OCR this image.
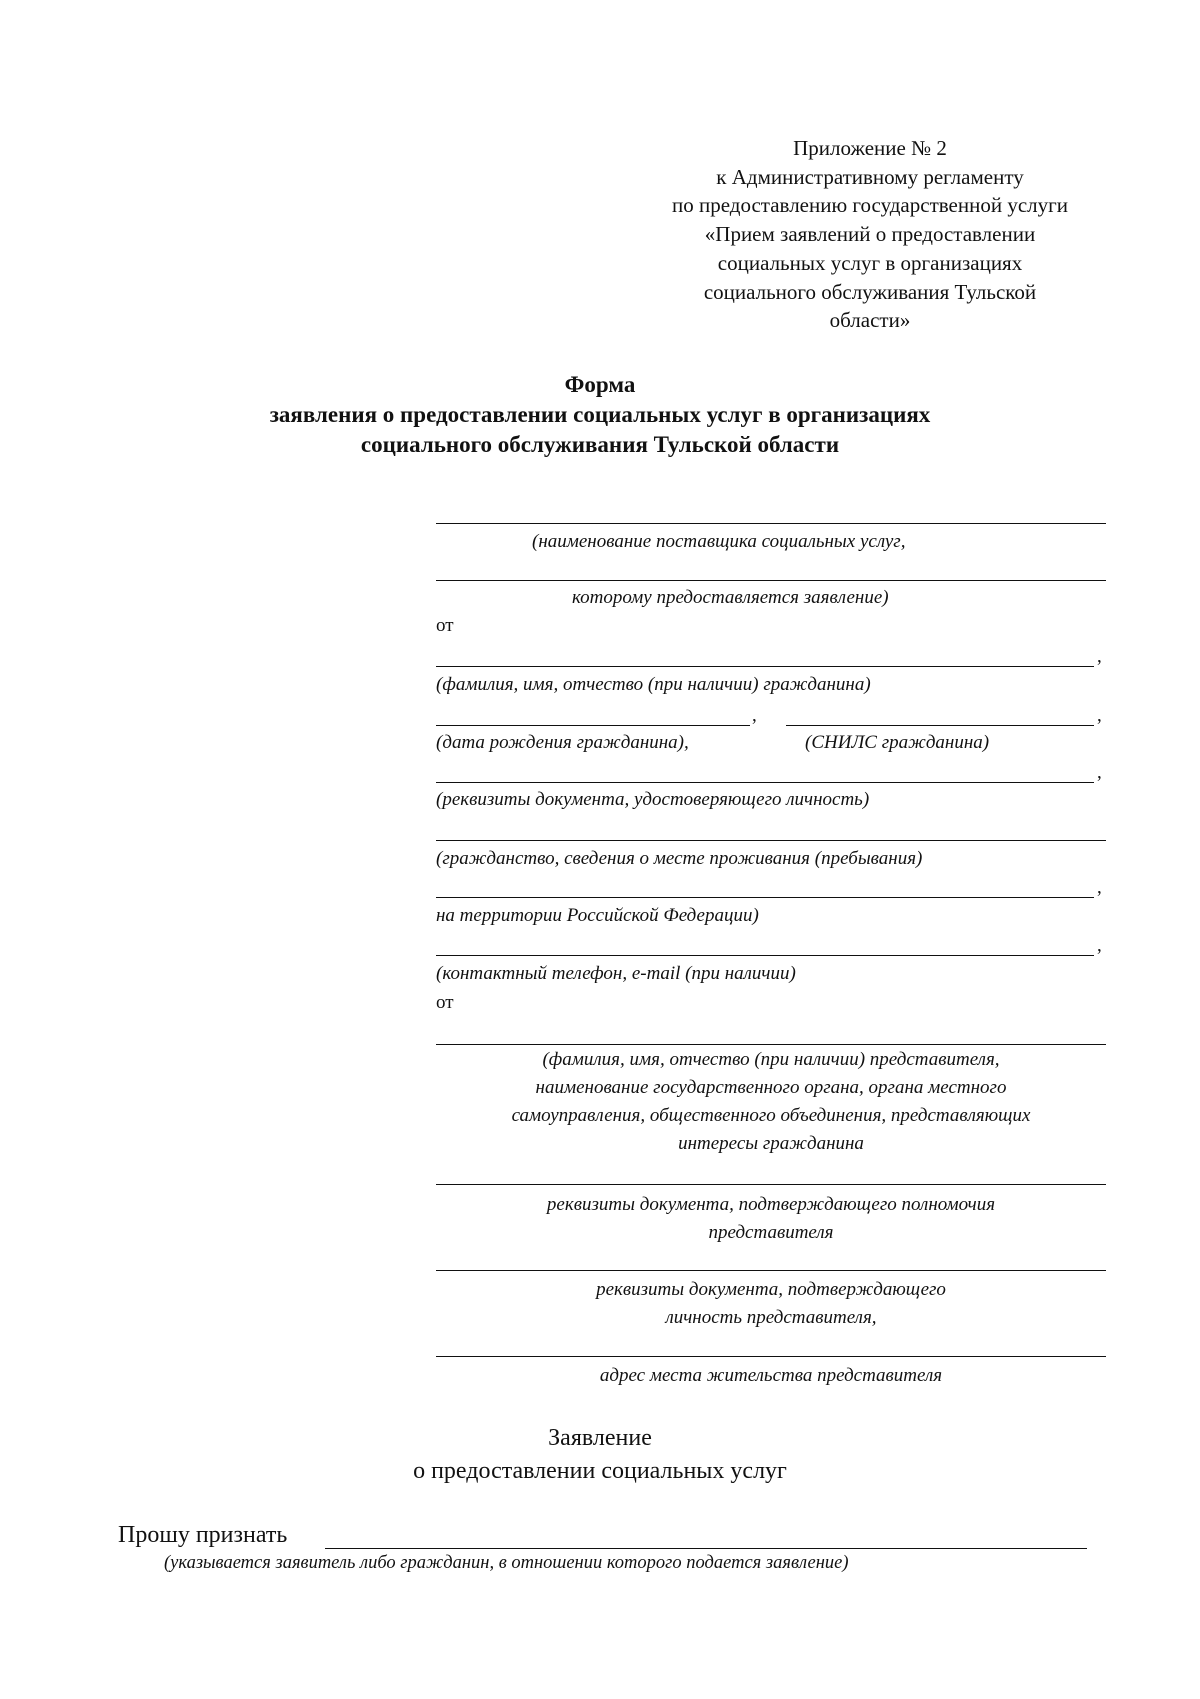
Приложение № 2
к Административному регламенту
по предоставлению государственной услуги
«Прием заявлений о предоставлении
социальных услуг в организациях
социального обслуживания Тульской
области»
Форма
заявления о предоставлении социальных услуг в организациях
социального обслуживания Тульской области
(наименование поставщика социальных услуг,
которому предоставляется заявление)
от
,
(фамилия, имя, отчество (при наличии) гражданина)
,	,
(дата рождения гражданина),	(СНИЛС гражданина)
,
(реквизиты документа, удостоверяющего личность)
(гражданство, сведения о месте проживания (пребывания)
,
на территории Российской Федерации)
,
(контактный телефон, e-mail (при наличии)
от
(фамилия, имя, отчество (при наличии) представителя,
наименование государственного органа, органа местного
самоуправления, общественного объединения, представляющих
интересы гражданина
реквизиты документа, подтверждающего полномочия
представителя
реквизиты документа, подтверждающего
личность представителя,
адрес места жительства представителя
Заявление
о предоставлении социальных услуг
Прошу признать
(указывается заявитель либо гражданин, в отношении которого подается заявление)
